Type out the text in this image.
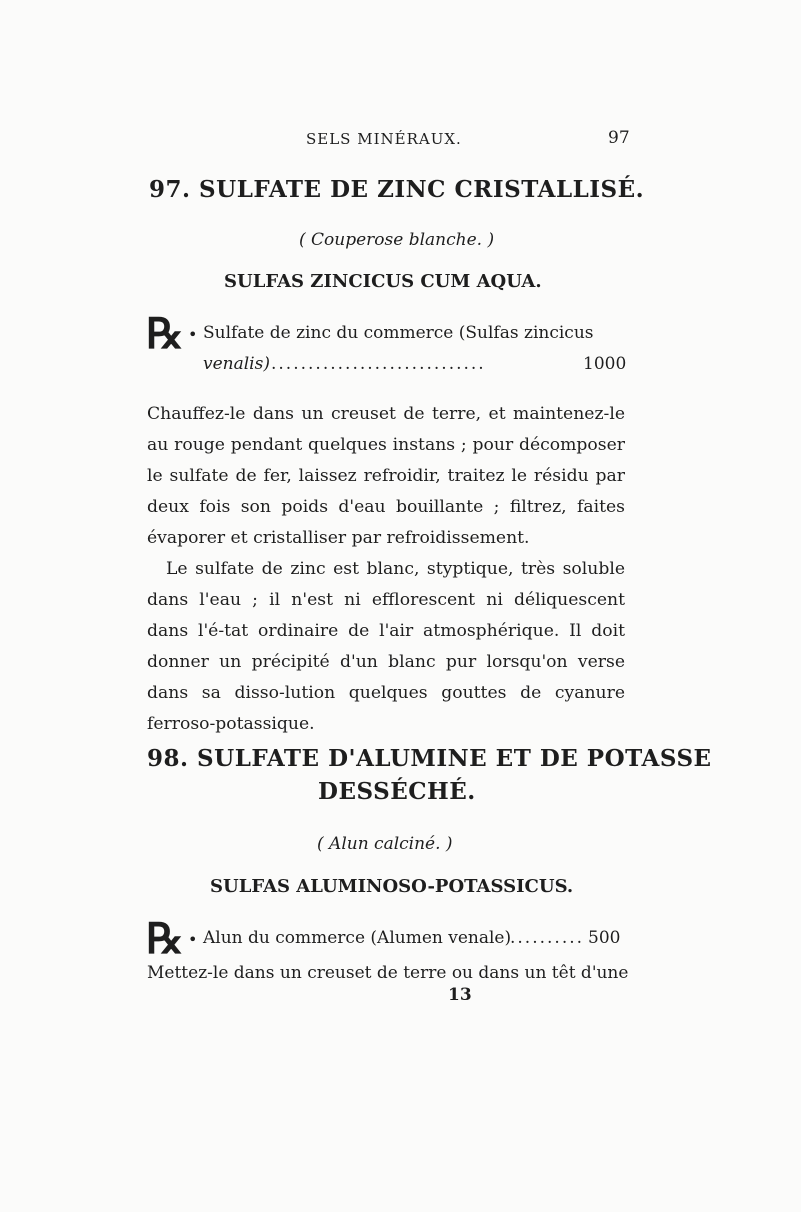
SELS MINÉRAUX.	97
97. SULFATE DE ZINC CRISTALLISÉ.
( Couperose blanche. )
SULFAS ZINCICUS CUM AQUA.
℞ • Sulfate de zinc du commerce (Sulfas zincicus
venalis) .............................	1000

Chauffez-le dans un creuset de terre, et maintenez-le au rouge pendant quelques instans ; pour décomposer le sulfate de fer, laissez refroidir, traitez le résidu par deux fois son poids d'eau bouillante ; filtrez, faites évaporer et cristalliser par refroidissement.

Le sulfate de zinc est blanc, styptique, très soluble dans l'eau ; il n'est ni efflorescent ni déliquescent dans l'é-tat ordinaire de l'air atmosphérique. Il doit donner un précipité d'un blanc pur lorsqu'on verse dans sa disso-lution quelques gouttes de cyanure ferroso-potassique.

98. SULFATE D'ALUMINE ET DE POTASSE
DESSÉCHÉ.
( Alun calciné. )
SULFAS ALUMINOSO-POTASSICUS.
℞ • Alun du commerce (Alumen venale)
.......... 500
Mettez-le dans un creuset de terre ou dans un têt d'une
13
